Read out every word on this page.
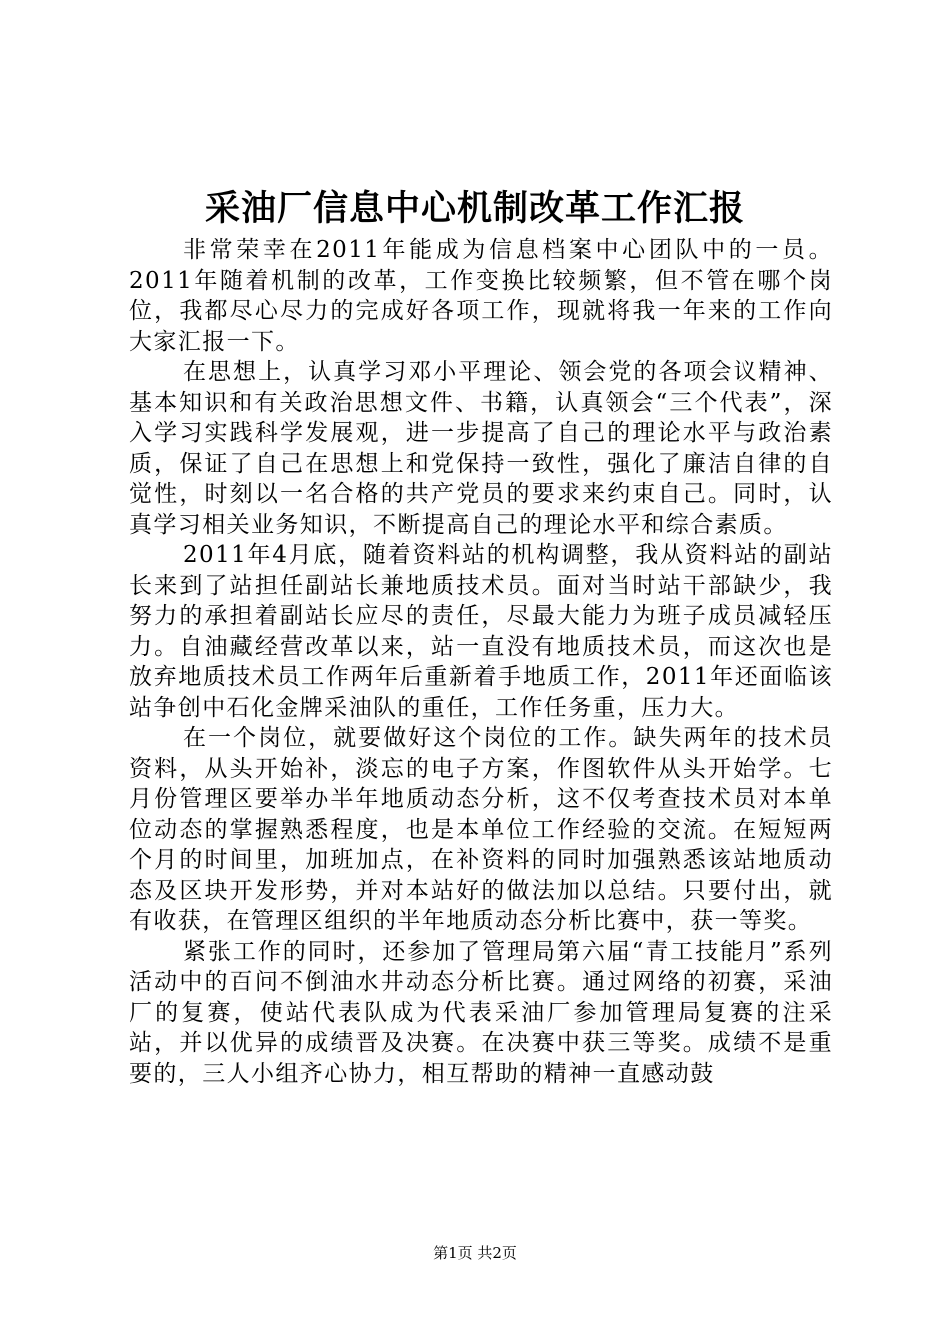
采油厂信息中心机制改革工作汇报

非常荣幸在2011年能成为信息档案中心团队中的一员。2011年随着机制的改革，工作变换比较频繁，但不管在哪个岗位，我都尽心尽力的完成好各项工作，现就将我一年来的工作向大家汇报一下。

在思想上，认真学习邓小平理论、领会党的各项会议精神、基本知识和有关政治思想文件、书籍，认真领会“三个代表”，深入学习实践科学发展观，进一步提高了自己的理论水平与政治素质，保证了自己在思想上和党保持一致性，强化了廉洁自律的自觉性，时刻以一名合格的共产党员的要求来约束自己。同时，认真学习相关业务知识，不断提高自己的理论水平和综合素质。

2011年4月底，随着资料站的机构调整，我从资料站的副站长来到了站担任副站长兼地质技术员。面对当时站干部缺少，我努力的承担着副站长应尽的责任，尽最大能力为班子成员减轻压力。自油藏经营改革以来，站一直没有地质技术员，而这次也是放弃地质技术员工作两年后重新着手地质工作，2011年还面临该站争创中石化金牌采油队的重任，工作任务重，压力大。

在一个岗位，就要做好这个岗位的工作。缺失两年的技术员资料，从头开始补，淡忘的电子方案，作图软件从头开始学。七月份管理区要举办半年地质动态分析，这不仅考查技术员对本单位动态的掌握熟悉程度，也是本单位工作经验的交流。在短短两个月的时间里，加班加点，在补资料的同时加强熟悉该站地质动态及区块开发形势，并对本站好的做法加以总结。只要付出，就有收获，在管理区组织的半年地质动态分析比赛中，获一等奖。

紧张工作的同时，还参加了管理局第六届“青工技能月”系列活动中的百问不倒油水井动态分析比赛。通过网络的初赛，采油厂的复赛，使站代表队成为代表采油厂参加管理局复赛的注采站，并以优异的成绩晋及决赛。在决赛中获三等奖。成绩不是重要的，三人小组齐心协力，相互帮助的精神一直感动鼓

第1页 共2页
